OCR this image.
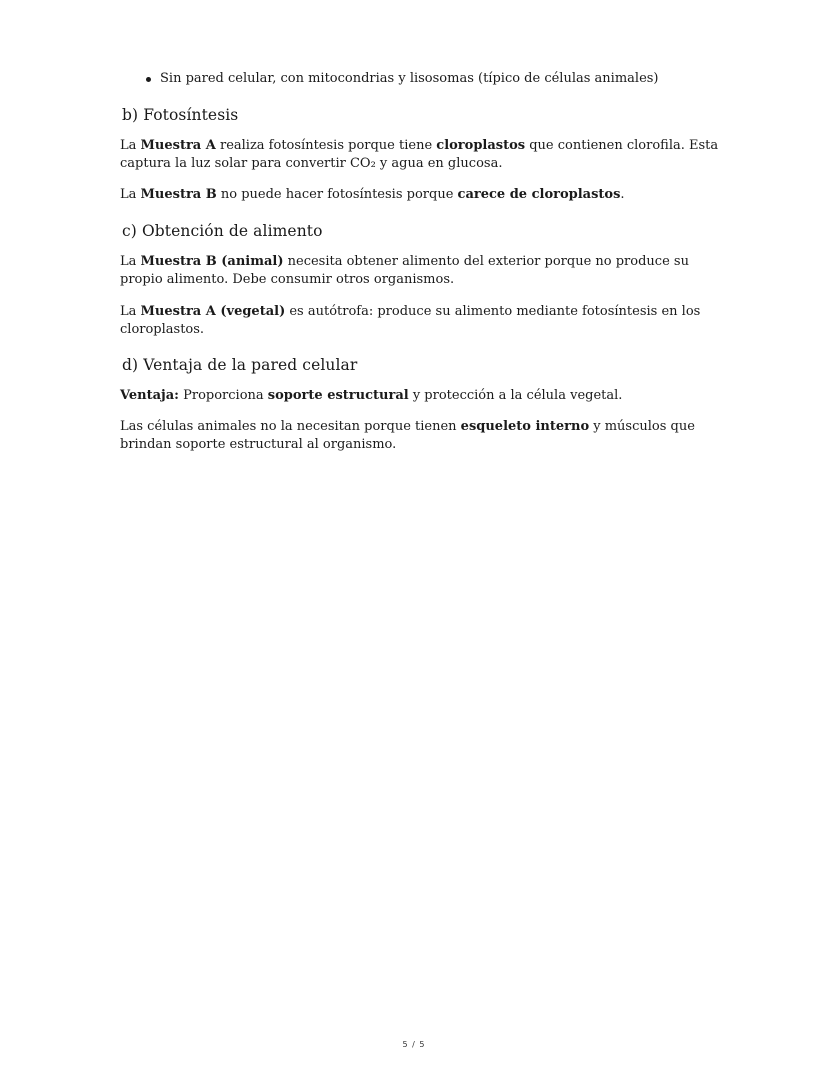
Sin pared celular, con mitocondrias y lisosomas (típico de células animales)
b) Fotosíntesis

La Muestra A realiza fotosíntesis porque tiene cloroplastos que contienen clorofila. Esta captura la luz solar para convertir CO₂ y agua en glucosa.

La Muestra B no puede hacer fotosíntesis porque carece de cloroplastos.

c) Obtención de alimento

La Muestra B (animal) necesita obtener alimento del exterior porque no produce su propio alimento. Debe consumir otros organismos.

La Muestra A (vegetal) es autótrofa: produce su alimento mediante fotosíntesis en los cloroplastos.

d) Ventaja de la pared celular

Ventaja: Proporciona soporte estructural y protección a la célula vegetal.

Las células animales no la necesitan porque tienen esqueleto interno y músculos que brindan soporte estructural al organismo.

5 / 5
